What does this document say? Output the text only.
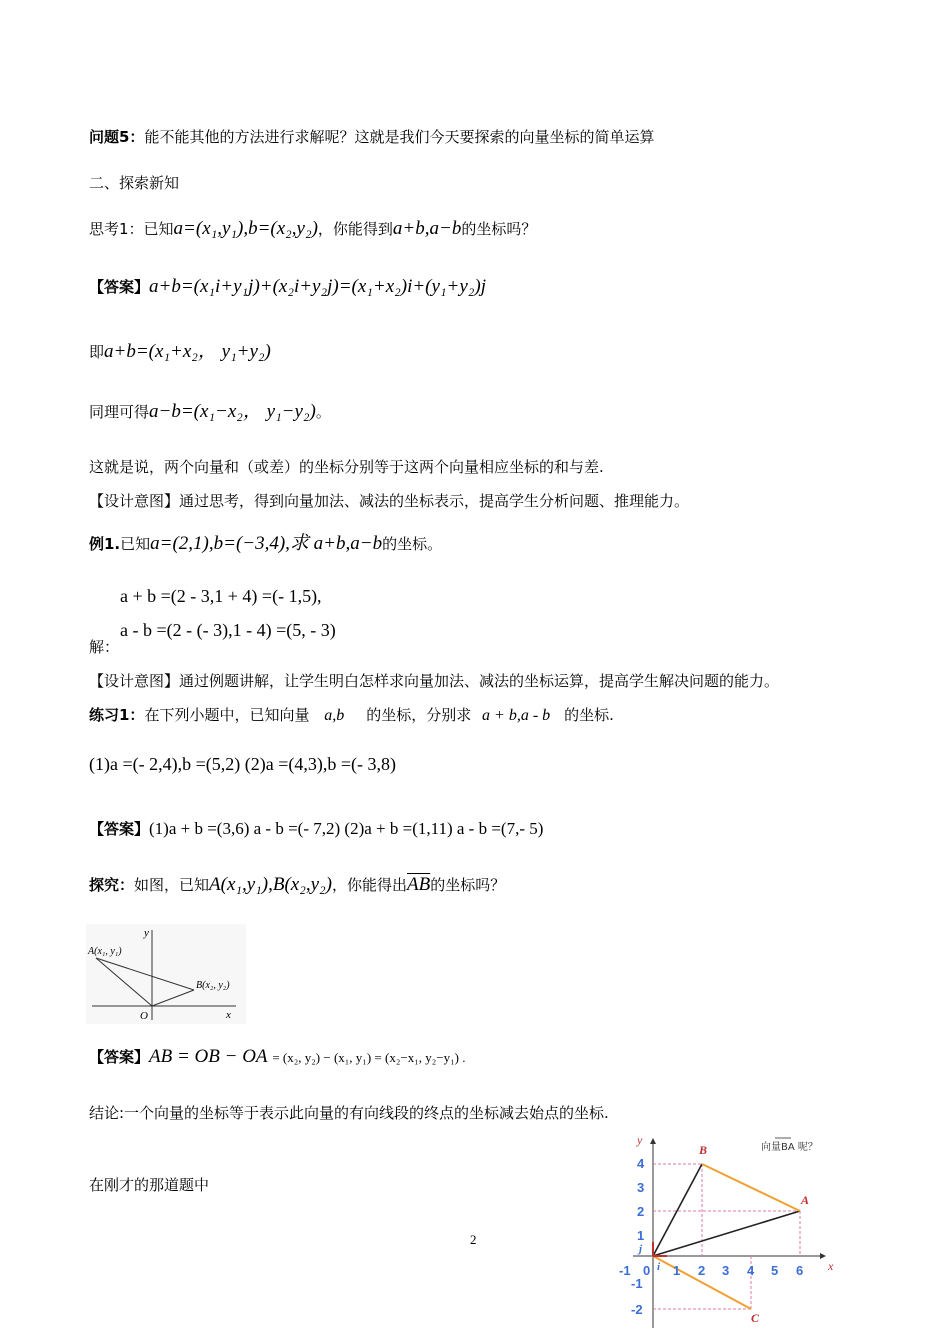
问题5：能不能其他的方法进行求解呢？这就是我们今天要探索的向量坐标的简单运算
二、探索新知
思考1：已知a=(x₁,y₁),b=(x₂,y₂)，你能得到a+b,a−b的坐标吗？
【答案】a+b=(x₁i+y₁j)+(x₂i+y₂j)=(x₁+x₂)i+(y₁+y₂)j
即a+b=(x₁+x₂， y₁+y₂)
同理可得a−b=(x₁−x₂， y₁−y₂)。
这就是说，两个向量和（或差）的坐标分别等于这两个向量相应坐标的和与差.
【设计意图】通过思考，得到向量加法、减法的坐标表示，提高学生分析问题、推理能力。
例1.已知a=(2,1),b=(−3,4),求 a+b,a−b的坐标。
a + b =(2 - 3,1 + 4) =(- 1,5),
解：
a - b =(2 - (- 3),1 - 4) =(5, - 3)
【设计意图】通过例题讲解，让学生明白怎样求向量加法、减法的坐标运算，提高学生解决问题的能力。
练习1：在下列小题中，已知向量 a,b 的坐标，分别求 a + b,a - b 的坐标.
(1)a =(- 2,4),b =(5,2) (2)a =(4,3),b =(- 3,8)
【答案】(1)a + b =(3,6) a - b =(- 7,2) (2)a + b =(1,11) a - b =(7,- 5)
探究：如图，已知A(x₁,y₁),B(x₂,y₂)，你能得出$\overline{AB}$的坐标吗？
A(x₁, y₁)
B(x₂, y₂)
O	x
y
【答案】AB = OB − OA = (x₂, y₂) − (x₁, y₁) = (x₂−x₁, y₂−y₁) .
结论:一个向量的坐标等于表示此向量的有向线段的终点的坐标减去始点的坐标.
在刚才的那道题中
2
B
A
C
x
y
i
j
-1 0 1 2 3 4 5 6
4
3
2
1
-1
-2
向量BA 呢？
